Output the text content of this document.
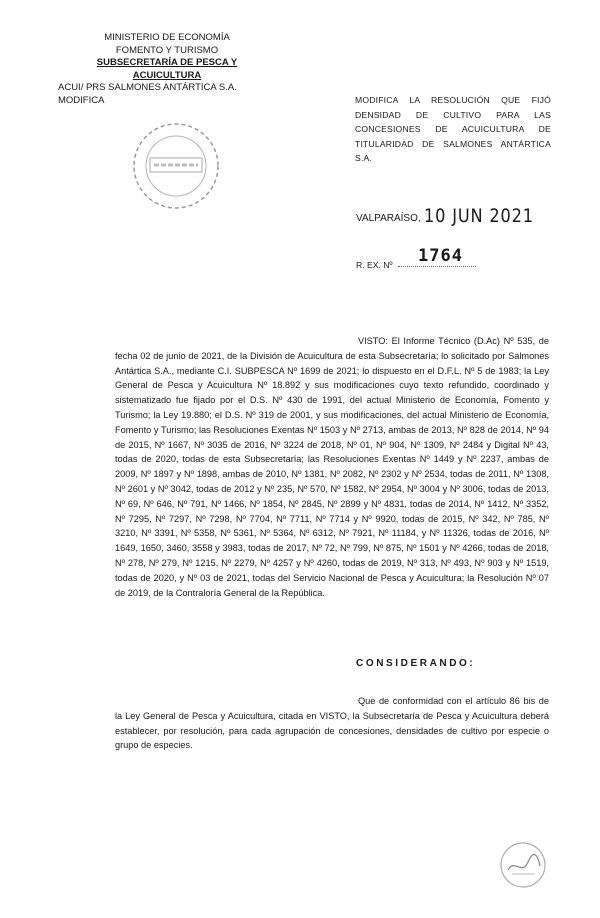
MINISTERIO DE ECONOMÍA
FOMENTO Y TURISMO
SUBSECRETARÍA DE PESCA Y ACUICULTURA
ACUI/ PRS SALMONES ANTÁRTICA S.A. MODIFICA	MODIFICA LA RESOLUCIÓN QUE FIJÓ DENSIDAD DE CULTIVO PARA LAS CONCESIONES DE ACUICULTURA DE TITULARIDAD DE SALMONES ANTÁRTICA S.A.
VALPARAÍSO, 10 JUN 2021
R. EX. Nº 1764
VISTO: El Informe Técnico (D.Ac) Nº 535, de fecha 02 de junio de 2021, de la División de Acuicultura de esta Subsecretaría; lo solicitado por Salmones Antártica S.A., mediante C.I. SUBPESCA Nº 1699 de 2021; lo dispuesto en el D.F.L. Nº 5 de 1983; la Ley General de Pesca y Acuicultura Nº 18.892 y sus modificaciones cuyo texto refundido, coordinado y sistematizado fue fijado por el D.S. Nº 430 de 1991, del actual Ministerio de Economía, Fomento y Turismo; la Ley 19.880; el D.S. Nº 319 de 2001, y sus modificaciones, del actual Ministerio de Economía, Fomento y Turismo; las Resoluciones Exentas Nº 1503 y Nº 2713, ambas de 2013, Nº 828 de 2014, Nº 94 de 2015, Nº 1667, Nº 3035 de 2016, Nº 3224 de 2018, Nº 01, Nº 904, Nº 1309, Nº 2484 y Digital Nº 43, todas de 2020, todas de esta Subsecretaría; las Resoluciones Exentas Nº 1449 y Nº 2237, ambas de 2009, Nº 1897 y Nº 1898, ambas de 2010, Nº 1381, Nº 2082, Nº 2302 y Nº 2534, todas de 2011, Nº 1308, Nº 2601 y Nº 3042, todas de 2012 y Nº 235, Nº 570, Nº 1582, Nº 2954, Nº 3004 y Nº 3006, todas de 2013, Nº 69, Nº 646, Nº 791, Nº 1466, Nº 1854, Nº 2845, Nº 2899 y Nº 4831, todas de 2014, Nº 1412, Nº 3352, Nº 7295, Nº 7297, Nº 7298, Nº 7704, Nº 7711, Nº 7714 y Nº 9920, todas de 2015, Nº 342, Nº 785, Nº 3210, Nº 3391, Nº 5358, Nº 5361, Nº 5364, Nº 6312, Nº 7921, Nº 11184, y Nº 11326, todas de 2016, Nº 1649, 1650, 3460, 3558 y 3983, todas de 2017, Nº 72, Nº 799, Nº 875, Nº 1501 y Nº 4266, todas de 2018, Nº 278, Nº 279, Nº 1215, Nº 2279, Nº 4257 y Nº 4260, todas de 2019, Nº 313, Nº 493, Nº 903 y Nº 1519, todas de 2020, y Nº 03 de 2021, todas del Servicio Nacional de Pesca y Acuicultura; la Resolución Nº 07 de 2019, de la Contraloría General de la República.
CONSIDERANDO:
Que de conformidad con el artículo 86 bis de la Ley General de Pesca y Acuicultura, citada en VISTO, la Subsecretaría de Pesca y Acuicultura deberá establecer, por resolución, para cada agrupación de concesiones, densidades de cultivo por especie o grupo de especies.
